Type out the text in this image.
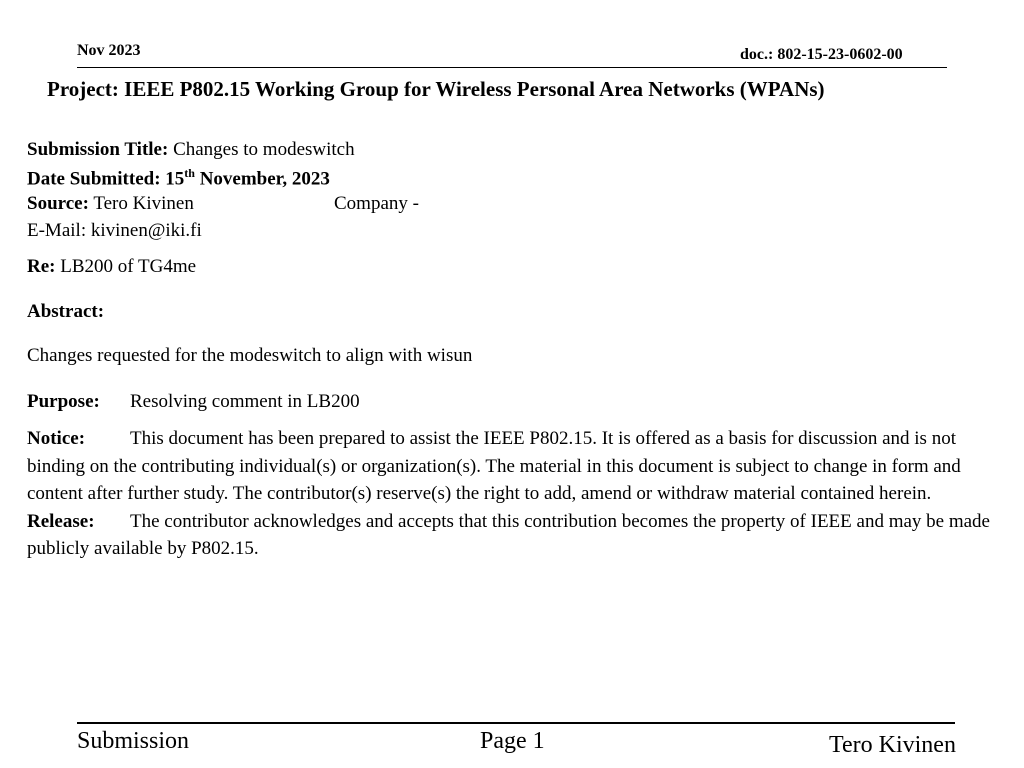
Nov 2023	doc.: 802-15-23-0602-00
Project: IEEE P802.15 Working Group for Wireless Personal Area Networks (WPANs)
Submission Title: Changes to modeswitch
Date Submitted: 15th November, 2023
Source: Tero Kivinen	Company -
E-Mail: kivinen@iki.fi
Re: LB200 of TG4me
Abstract:
Changes requested for the modeswitch to align with wisun
Purpose: Resolving comment in LB200
Notice: This document has been prepared to assist the IEEE P802.15. It is offered as a basis for discussion and is not binding on the contributing individual(s) or organization(s). The material in this document is subject to change in form and content after further study. The contributor(s) reserve(s) the right to add, amend or withdraw material contained herein.
Release: The contributor acknowledges and accepts that this contribution becomes the property of IEEE and may be made publicly available by P802.15.
Submission	Page 1	Tero Kivinen
